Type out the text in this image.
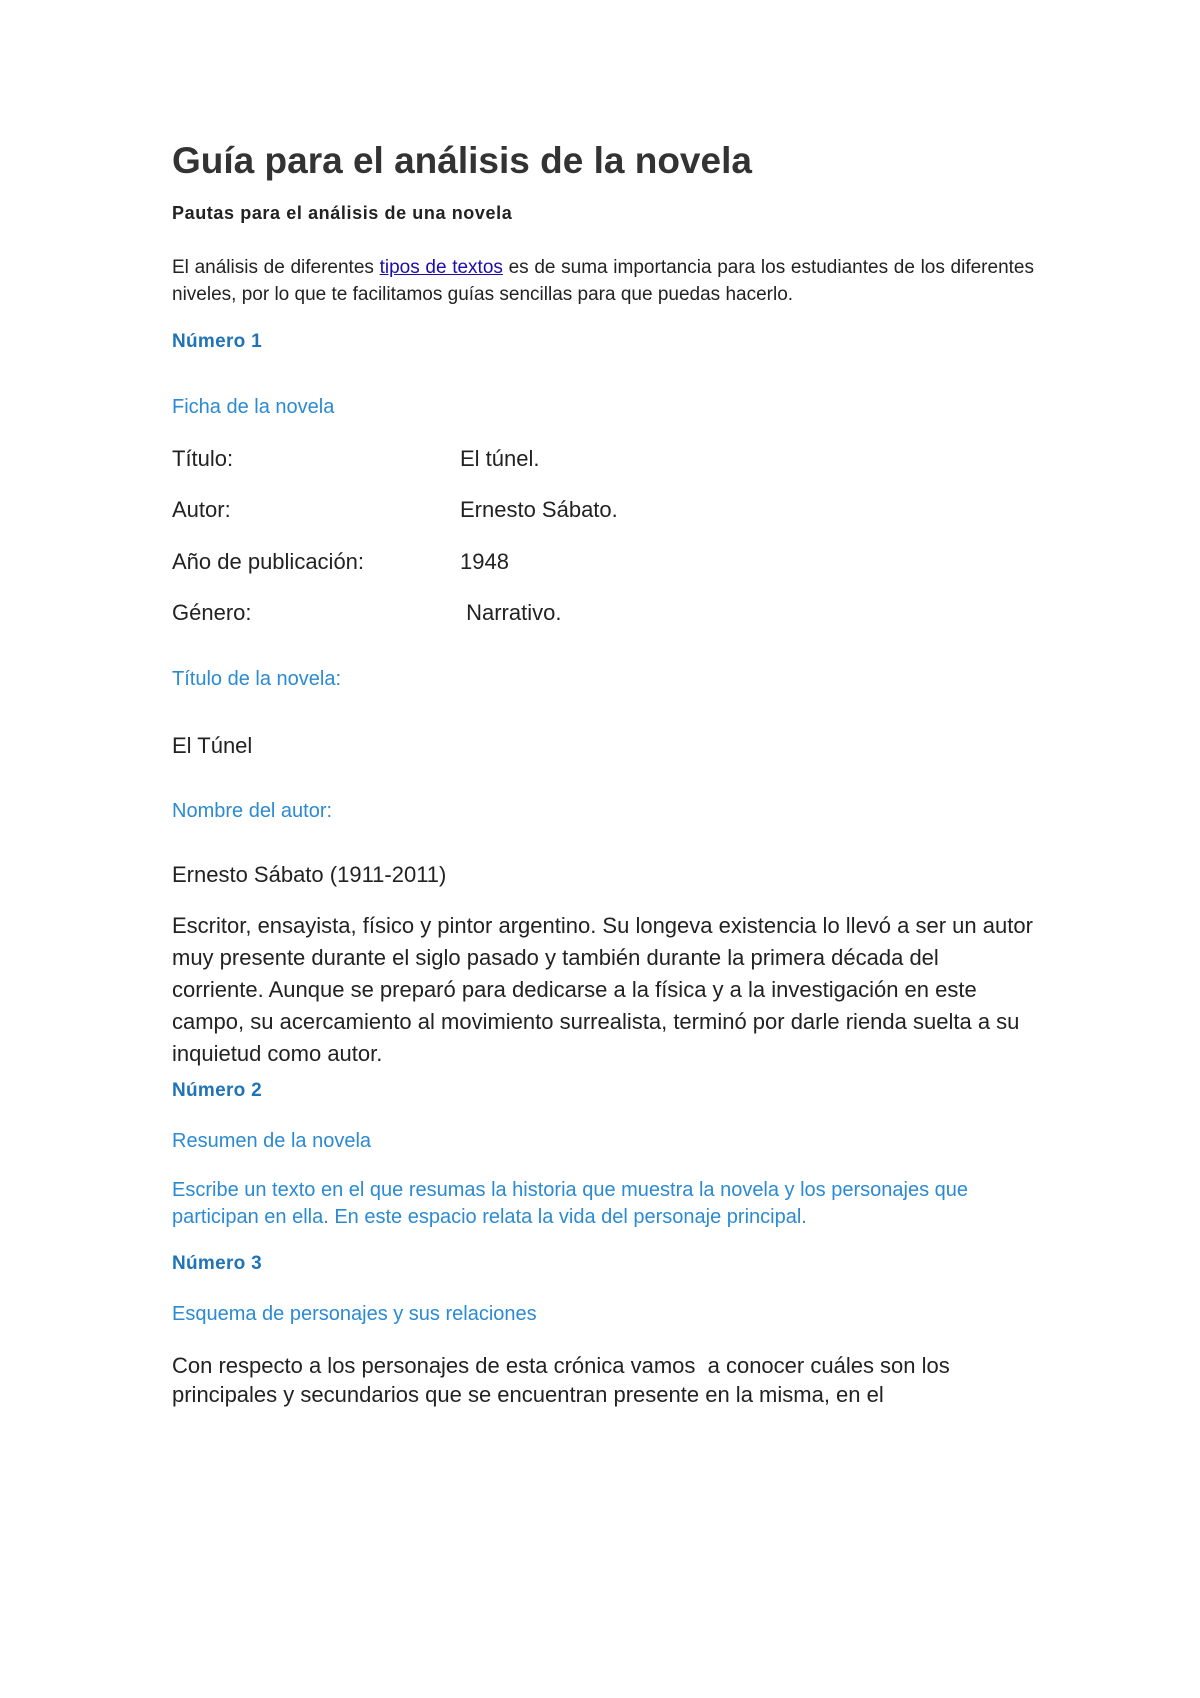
Guía para el análisis de la novela
Pautas para el análisis de una novela

El análisis de diferentes tipos de textos es de suma importancia para los estudiantes de los diferentes niveles, por lo que te facilitamos guías sencillas para que puedas hacerlo.

Número 1
Ficha de la novela
Título:	El túnel.
Autor:	Ernesto Sábato.
Año de publicación:	1948
Género:	Narrativo.
Título de la novela:
El Túnel
Nombre del autor:
Ernesto Sábato (1911-2011)

Escritor, ensayista, físico y pintor argentino. Su longeva existencia lo llevó a ser un autor muy presente durante el siglo pasado y también durante la primera década del corriente. Aunque se preparó para dedicarse a la física y a la investigación en este campo, su acercamiento al movimiento surrealista, terminó por darle rienda suelta a su inquietud como autor.

Número 2
Resumen de la novela

Escribe un texto en el que resumas la historia que muestra la novela y los personajes que participan en ella. En este espacio relata la vida del personaje principal.

Número 3
Esquema de personajes y sus relaciones

Con respecto a los personajes de esta crónica vamos  a conocer cuáles son los  principales y secundarios que se encuentran presente en la misma, en el
